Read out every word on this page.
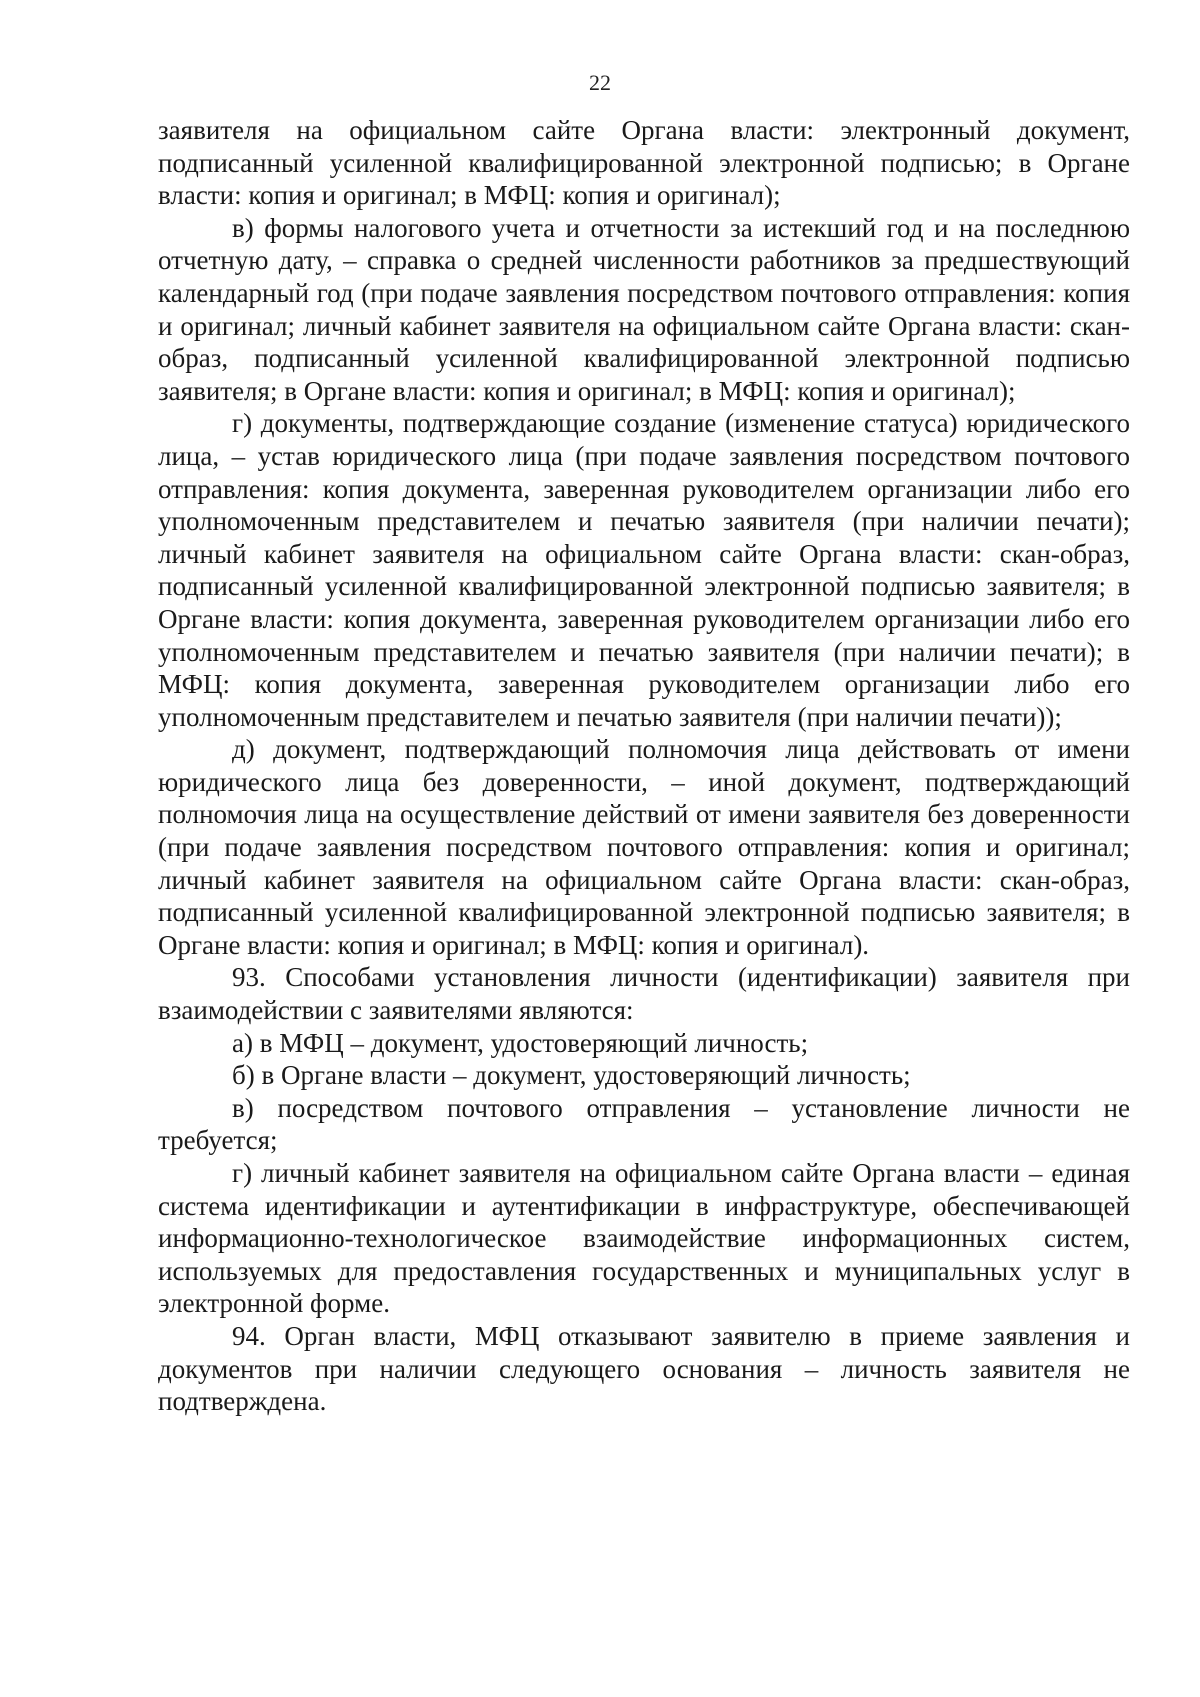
22

заявителя на официальном сайте Органа власти: электронный документ, подписанный усиленной квалифицированной электронной подписью; в Органе власти: копия и оригинал; в МФЦ: копия и оригинал);

в) формы налогового учета и отчетности за истекший год и на последнюю отчетную дату, – справка о средней численности работников за предшествующий календарный год (при подаче заявления посредством почтового отправления: копия и оригинал; личный кабинет заявителя на официальном сайте Органа власти: скан-образ, подписанный усиленной квалифицированной электронной подписью заявителя; в Органе власти: копия и оригинал; в МФЦ: копия и оригинал);

г) документы, подтверждающие создание (изменение статуса) юридического лица, – устав юридического лица (при подаче заявления посредством почтового отправления: копия документа, заверенная руководителем организации либо его уполномоченным представителем и печатью заявителя (при наличии печати); личный кабинет заявителя на официальном сайте Органа власти: скан-образ, подписанный усиленной квалифицированной электронной подписью заявителя; в Органе власти: копия документа, заверенная руководителем организации либо его уполномоченным представителем и печатью заявителя (при наличии печати); в МФЦ: копия документа, заверенная руководителем организации либо его уполномоченным представителем и печатью заявителя (при наличии печати));

д) документ, подтверждающий полномочия лица действовать от имени юридического лица без доверенности, – иной документ, подтверждающий полномочия лица на осуществление действий от имени заявителя без доверенности (при подаче заявления посредством почтового отправления: копия и оригинал; личный кабинет заявителя на официальном сайте Органа власти: скан-образ, подписанный усиленной квалифицированной электронной подписью заявителя; в Органе власти: копия и оригинал; в МФЦ: копия и оригинал).

93. Способами установления личности (идентификации) заявителя при взаимодействии с заявителями являются:

а) в МФЦ – документ, удостоверяющий личность;

б) в Органе власти – документ, удостоверяющий личность;

в) посредством почтового отправления – установление личности не требуется;

г) личный кабинет заявителя на официальном сайте Органа власти – единая система идентификации и аутентификации в инфраструктуре, обеспечивающей информационно-технологическое взаимодействие информационных систем, используемых для предоставления государственных и муниципальных услуг в электронной форме.

94. Орган власти, МФЦ отказывают заявителю в приеме заявления и документов при наличии следующего основания – личность заявителя не подтверждена.
